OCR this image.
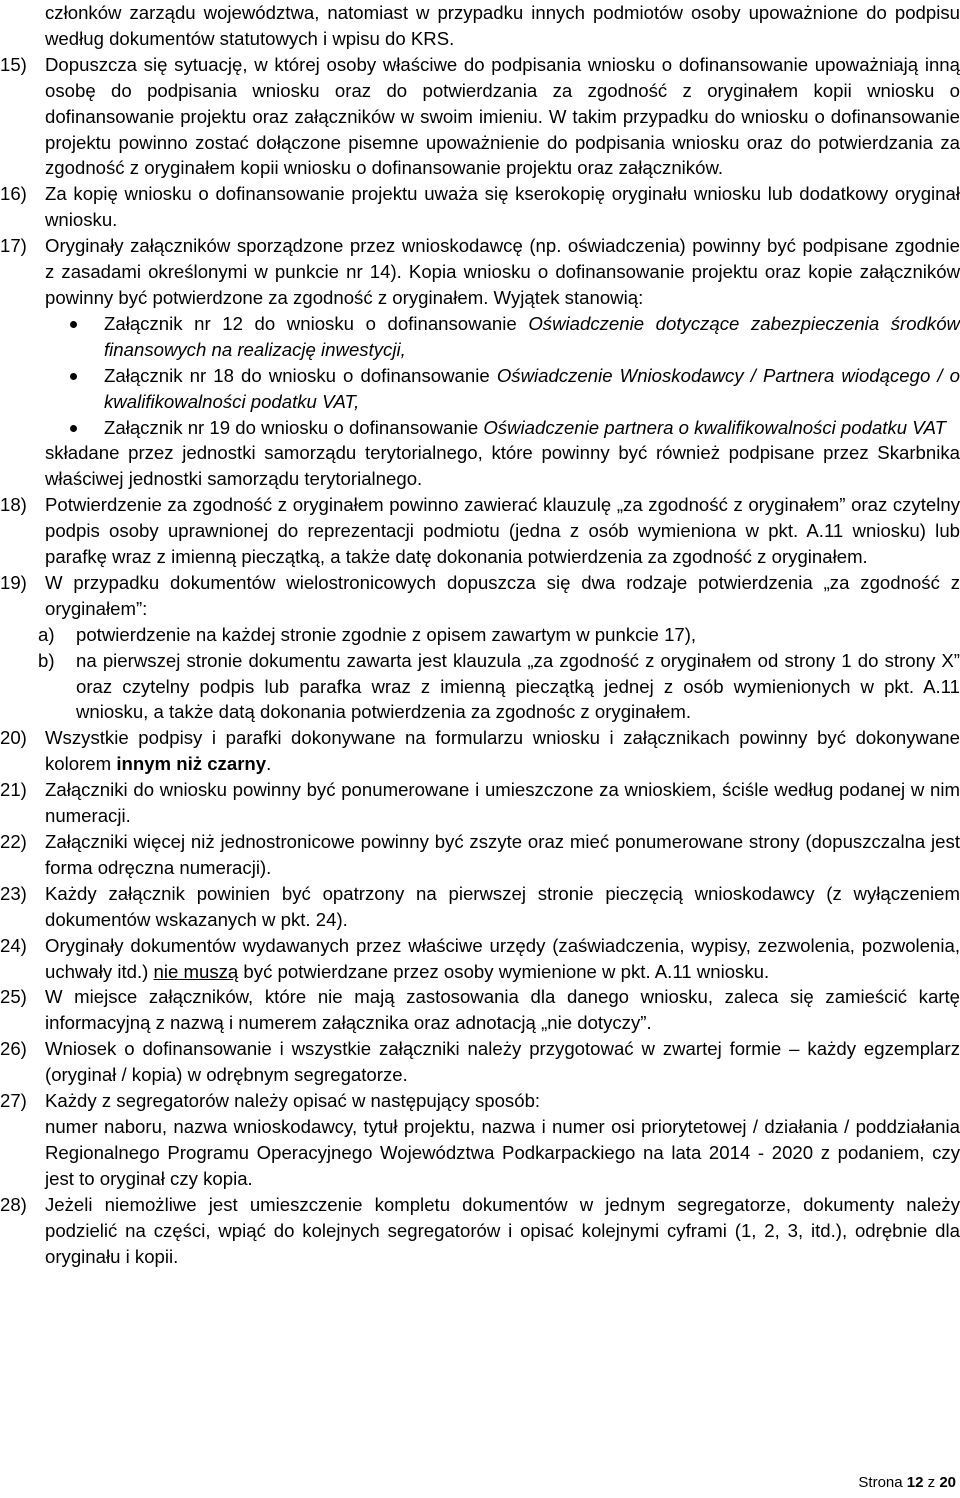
członków zarządu województwa, natomiast w przypadku innych podmiotów osoby upoważnione do podpisu według dokumentów statutowych i wpisu do KRS.

15) Dopuszcza się sytuację, w której osoby właściwe do podpisania wniosku o dofinansowanie upoważniają inną osobę do podpisania wniosku oraz do potwierdzania za zgodność z oryginałem kopii wniosku o dofinansowanie projektu oraz załączników w swoim imieniu. W takim przypadku do wniosku o dofinansowanie projektu powinno zostać dołączone pisemne upoważnienie do podpisania wniosku oraz do potwierdzania za zgodność z oryginałem kopii wniosku o dofinansowanie projektu oraz załączników.

16) Za kopię wniosku o dofinansowanie projektu uważa się kserokopię oryginału wniosku lub dodatkowy oryginał wniosku.

17) Oryginały załączników sporządzone przez wnioskodawcę (np. oświadczenia) powinny być podpisane zgodnie z zasadami określonymi w punkcie nr 14). Kopia wniosku o dofinansowanie projektu oraz kopie załączników powinny być potwierdzone za zgodność z oryginałem. Wyjątek stanowią:

Załącznik nr 12 do wniosku o dofinansowanie Oświadczenie dotyczące zabezpieczenia środków finansowych na realizację inwestycji,

Załącznik nr 18 do wniosku o dofinansowanie Oświadczenie Wnioskodawcy / Partnera wiodącego / o kwalifikowalności podatku VAT,

Załącznik nr 19 do wniosku o dofinansowanie Oświadczenie partnera o kwalifikowalności podatku VAT

składane przez jednostki samorządu terytorialnego, które powinny być również podpisane przez Skarbnika właściwej jednostki samorządu terytorialnego.

18) Potwierdzenie za zgodność z oryginałem powinno zawierać klauzulę „za zgodność z oryginałem” oraz czytelny podpis osoby uprawnionej do reprezentacji podmiotu (jedna z osób wymieniona w pkt. A.11 wniosku) lub parafkę wraz z imienną pieczątką, a także datę dokonania potwierdzenia za zgodność z oryginałem.

19) W przypadku dokumentów wielostronicowych dopuszcza się dwa rodzaje potwierdzenia „za zgodność z oryginałem”:

a) potwierdzenie na każdej stronie zgodnie z opisem zawartym w punkcie 17),

b) na pierwszej stronie dokumentu zawarta jest klauzula „za zgodność z oryginałem od strony 1 do strony X” oraz czytelny podpis lub parafka wraz z imienną pieczątką jednej z osób wymienionych w pkt. A.11 wniosku, a także datą dokonania potwierdzenia za zgodnośc z oryginałem.

20) Wszystkie podpisy i parafki dokonywane na formularzu wniosku i załącznikach powinny być dokonywane kolorem innym niż czarny.

21) Załączniki do wniosku powinny być ponumerowane i umieszczone za wnioskiem, ściśle według podanej w nim numeracji.

22) Załączniki więcej niż jednostronicowe powinny być zszyte oraz mieć ponumerowane strony (dopuszczalna jest forma odręczna numeracji).

23) Każdy załącznik powinien być opatrzony na pierwszej stronie pieczęcią wnioskodawcy (z wyłączeniem dokumentów wskazanych w pkt. 24).

24) Oryginały dokumentów wydawanych przez właściwe urzędy (zaświadczenia, wypisy, zezwolenia, pozwolenia, uchwały itd.) nie muszą być potwierdzane przez osoby wymienione w pkt. A.11 wniosku.

25) W miejsce załączników, które nie mają zastosowania dla danego wniosku, zaleca się zamieścić kartę informacyjną z nazwą i numerem załącznika oraz adnotacją „nie dotyczy”.

26) Wniosek o dofinansowanie i wszystkie załączniki należy przygotować w zwartej formie – każdy egzemplarz (oryginał / kopia) w odrębnym segregatorze.

27) Każdy z segregatorów należy opisać w następujący sposób:

numer naboru, nazwa wnioskodawcy, tytuł projektu, nazwa i numer osi priorytetowej / działania / poddziałania Regionalnego Programu Operacyjnego Województwa Podkarpackiego na lata 2014 - 2020 z podaniem, czy jest to oryginał czy kopia.

28) Jeżeli niemożliwe jest umieszczenie kompletu dokumentów w jednym segregatorze, dokumenty należy podzielić na części, wpiąć do kolejnych segregatorów i opisać kolejnymi cyframi (1, 2, 3, itd.), odrębnie dla oryginału i kopii.

Strona 12 z 20
